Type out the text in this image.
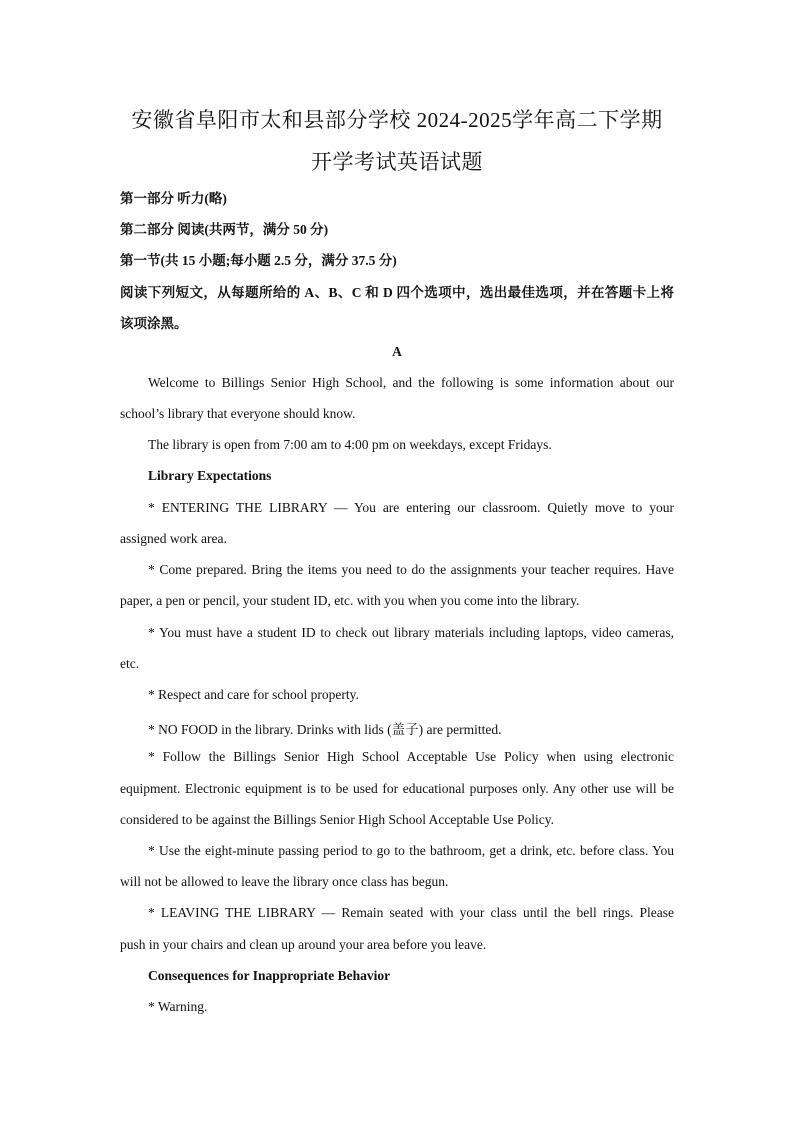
安徽省阜阳市太和县部分学校 2024-2025学年高二下学期
开学考试英语试题
第一部分 听力(略)
第二部分 阅读(共两节，满分 50 分)
第一节(共 15 小题;每小题 2.5 分，满分 37.5 分)
阅读下列短文，从每题所给的 A、B、C 和 D 四个选项中，选出最佳选项，并在答题卡上将
该项涂黑。
A
Welcome to Billings Senior High School, and the following is some information about our
school’s library that everyone should know.
The library is open from 7:00 am to 4:00 pm on weekdays, except Fridays.
Library Expectations
* ENTERING THE LIBRARY — You are entering our classroom. Quietly move to your
assigned work area.
* Come prepared. Bring the items you need to do the assignments your teacher requires. Have
paper, a pen or pencil, your student ID, etc. with you when you come into the library.
* You must have a student ID to check out library materials including laptops, video cameras,
etc.
* Respect and care for school property.
* NO FOOD in the library. Drinks with lids (盖子) are permitted.
* Follow the Billings Senior High School Acceptable Use Policy when using electronic
equipment. Electronic equipment is to be used for educational purposes only. Any other use will be
considered to be against the Billings Senior High School Acceptable Use Policy.
* Use the eight-minute passing period to go to the bathroom, get a drink, etc. before class. You
will not be allowed to leave the library once class has begun.
* LEAVING THE LIBRARY — Remain seated with your class until the bell rings. Please
push in your chairs and clean up around your area before you leave.
Consequences for Inappropriate Behavior
* Warning.
